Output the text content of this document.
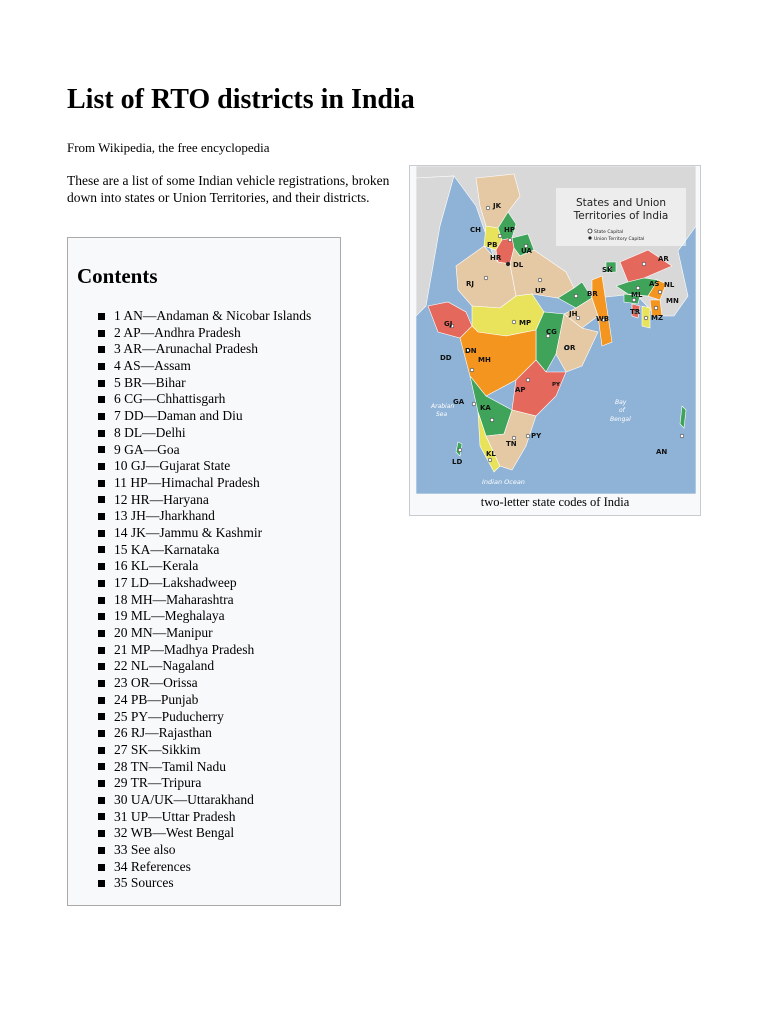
List of RTO districts in India
From Wikipedia, the free encyclopedia
These are a list of some Indian vehicle registrations, broken down into states or Union Territories, and their districts.
Contents
1 AN—Andaman & Nicobar Islands
2 AP—Andhra Pradesh
3 AR—Arunachal Pradesh
4 AS—Assam
5 BR—Bihar
6 CG—Chhattisgarh
7 DD—Daman and Diu
8 DL—Delhi
9 GA—Goa
10 GJ—Gujarat State
11 HP—Himachal Pradesh
12 HR—Haryana
13 JH—Jharkhand
14 JK—Jammu & Kashmir
15 KA—Karnataka
16 KL—Kerala
17 LD—Lakshadweep
18 MH—Maharashtra
19 ML—Meghalaya
20 MN—Manipur
21 MP—Madhya Pradesh
22 NL—Nagaland
23 OR—Orissa
24 PB—Punjab
25 PY—Puducherry
26 RJ—Rajasthan
27 SK—Sikkim
28 TN—Tamil Nadu
29 TR—Tripura
30 UA/UK—Uttarakhand
31 UP—Uttar Pradesh
32 WB—West Bengal
33 See also
34 References
35 Sources
States and Union
Territories of India
State Capital
Union Territory Capital
Arabian
Sea
Bay
of
Bengal
Indian Ocean
JK
HP
CH
PB
HR
UA
DL
RJ
UP
SK
AR
AS NL
BR	ML
MN
TR
MZ
JH
WB
GJ	MP
CG
OR
DD
DN
MH
PY
AP
GA
KA
PY
TN
KL
LD
AN
two-letter state codes of India
